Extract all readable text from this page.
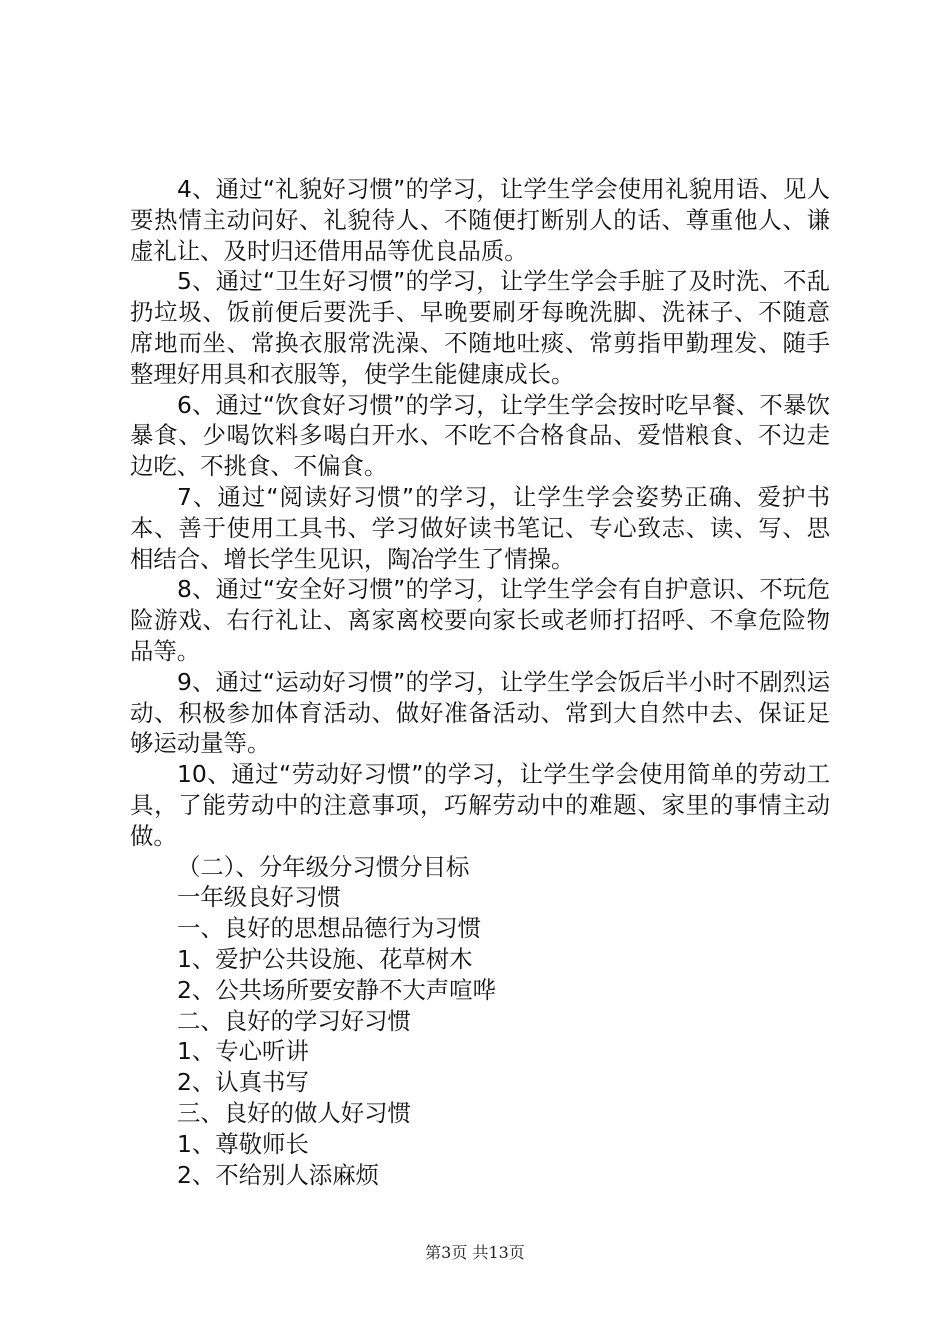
4、通过“礼貌好习惯”的学习，让学生学会使用礼貌用语、见人要热情主动问好、礼貌待人、不随便打断别人的话、尊重他人、谦虚礼让、及时归还借用品等优良品质。

5、通过“卫生好习惯”的学习，让学生学会手脏了及时洗、不乱扔垃圾、饭前便后要洗手、早晚要刷牙每晚洗脚、洗袜子、不随意席地而坐、常换衣服常洗澡、不随地吐痰、常剪指甲勤理发、随手整理好用具和衣服等，使学生能健康成长。

6、通过“饮食好习惯”的学习，让学生学会按时吃早餐、不暴饮暴食、少喝饮料多喝白开水、不吃不合格食品、爱惜粮食、不边走边吃、不挑食、不偏食。

7、通过“阅读好习惯”的学习，让学生学会姿势正确、爱护书本、善于使用工具书、学习做好读书笔记、专心致志、读、写、思相结合、增长学生见识，陶冶学生了情操。

8、通过“安全好习惯”的学习，让学生学会有自护意识、不玩危险游戏、右行礼让、离家离校要向家长或老师打招呼、不拿危险物品等。

9、通过“运动好习惯”的学习，让学生学会饭后半小时不剧烈运动、积极参加体育活动、做好准备活动、常到大自然中去、保证足够运动量等。

10、通过“劳动好习惯”的学习，让学生学会使用简单的劳动工具，了能劳动中的注意事项，巧解劳动中的难题、家里的事情主动做。

（二）、分年级分习惯分目标

一年级良好习惯

一、良好的思想品德行为习惯

1、爱护公共设施、花草树木

2、公共场所要安静不大声喧哗

二、良好的学习好习惯

1、专心听讲

2、认真书写

三、良好的做人好习惯

1、尊敬师长

2、不给别人添麻烦

第3页 共13页
